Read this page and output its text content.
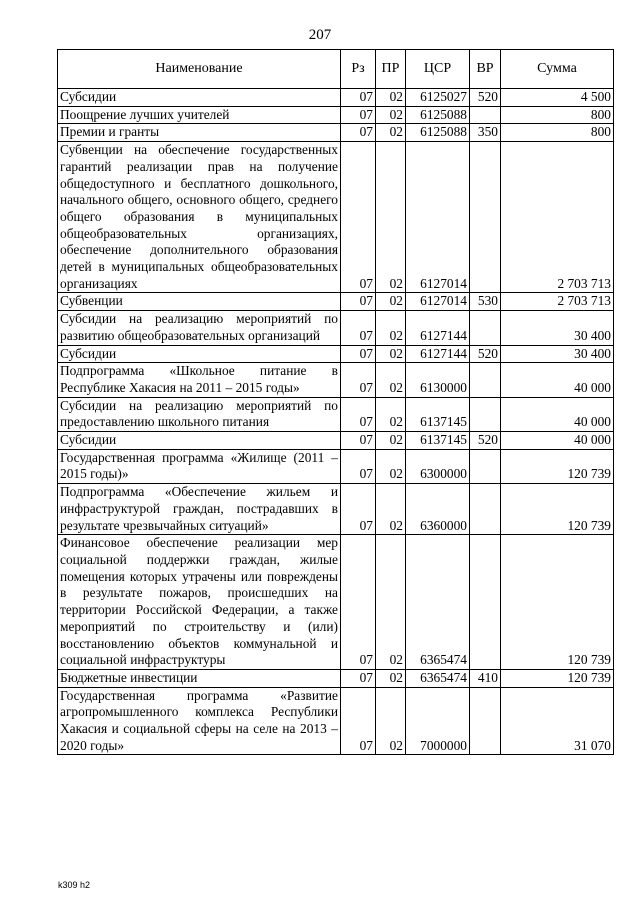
207
Наименование	Рз	ПР	ЦСР	ВР	Сумма
Субсидии	07	02	6125027	520	4 500
Поощрение лучших учителей	07	02	6125088		800
Премии и гранты	07	02	6125088	350	800
Субвенции на обеспечение государственных гарантий реализации прав на получение общедоступного и бесплатного дошкольного, начального общего, основного общего, среднего общего образования в муниципальных общеобразовательных организациях, обеспечение дополнительного образования детей в муниципальных общеобразовательных организациях	07	02	6127014		2 703 713
Субвенции	07	02	6127014	530	2 703 713
Субсидии на реализацию мероприятий по развитию общеобразовательных организаций	07	02	6127144		30 400
Субсидии	07	02	6127144	520	30 400
Подпрограмма «Школьное питание в Республике Хакасия на 2011 – 2015 годы»	07	02	6130000		40 000
Субсидии на реализацию мероприятий по предоставлению школьного питания	07	02	6137145		40 000
Субсидии	07	02	6137145	520	40 000
Государственная программа «Жилище (2011 – 2015 годы)»	07	02	6300000		120 739
Подпрограмма «Обеспечение жильем и инфраструктурой граждан, пострадавших в результате чрезвычайных ситуаций»	07	02	6360000		120 739
Финансовое обеспечение реализации мер социальной поддержки граждан, жилые помещения которых утрачены или повреждены в результате пожаров, происшедших на территории Российской Федерации, а также мероприятий по строительству и (или) восстановлению объектов коммунальной и социальной инфраструктуры	07	02	6365474		120 739
Бюджетные инвестиции	07	02	6365474	410	120 739
Государственная программа «Развитие агропромышленного комплекса Республики Хакасия и социальной сферы на селе на 2013 – 2020 годы»	07	02	7000000		31 070
k309 h2
